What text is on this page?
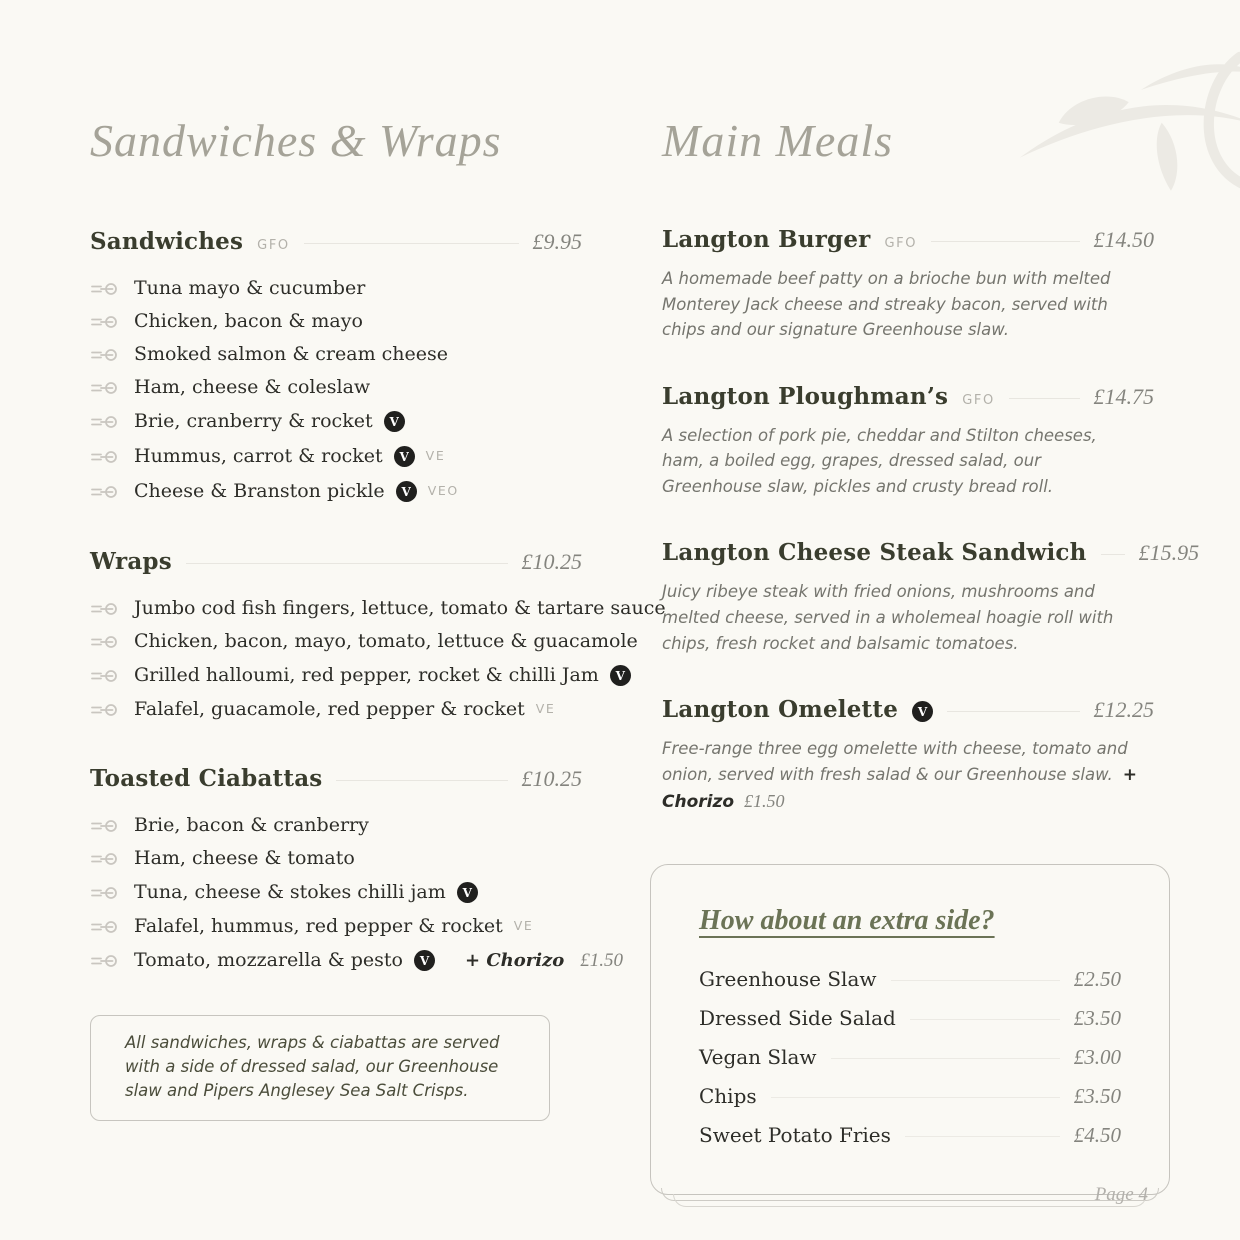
Sandwiches & Wraps
Sandwiches GFO	£9.95
Tuna mayo & cucumber
Chicken, bacon & mayo
Smoked salmon & cream cheese
Ham, cheese & coleslaw
Brie, cranberry & rocket	V
Hummus, carrot & rocket	V	VE
Cheese & Branston pickle	V	VEO
Wraps	£10.25
Jumbo cod fish fingers, lettuce, tomato & tartare sauce
Chicken, bacon, mayo, tomato, lettuce & guacamole
Grilled halloumi, red pepper, rocket & chilli Jam	V
Falafel, guacamole, red pepper & rocket VE
Toasted Ciabattas	£10.25
Brie, bacon & cranberry
Ham, cheese & tomato
Tuna, cheese & stokes chilli jam	V
Falafel, hummus, red pepper & rocket VE
Tomato, mozzarella & pesto	V	+ Chorizo £1.50
All sandwiches, wraps & ciabattas are served with a side of dressed salad, our Greenhouse slaw and Pipers Anglesey Sea Salt Crisps.
Main Meals
Langton Burger GFO	£14.50

A homemade beef patty on a brioche bun with melted Monterey Jack cheese and streaky bacon, served with chips and our signature Greenhouse slaw.

Langton Ploughman’s GFO	£14.75

A selection of pork pie, cheddar and Stilton cheeses, ham, a boiled egg, grapes, dressed salad, our Greenhouse slaw, pickles and crusty bread roll.

Langton Cheese Steak Sandwich £15.95

Juicy ribeye steak with fried onions, mushrooms and melted cheese, served in a wholemeal hoagie roll with chips, fresh rocket and balsamic tomatoes.

Langton Omelette	V	£12.25

Free-range three egg omelette with cheese, tomato and onion, served with fresh salad & our Greenhouse slaw. + Chorizo £1.50

How about an extra side?
Greenhouse Slaw	£2.50
Dressed Side Salad	£3.50
Vegan Slaw	£3.00
Chips	£3.50
Sweet Potato Fries	£4.50
Page 4
